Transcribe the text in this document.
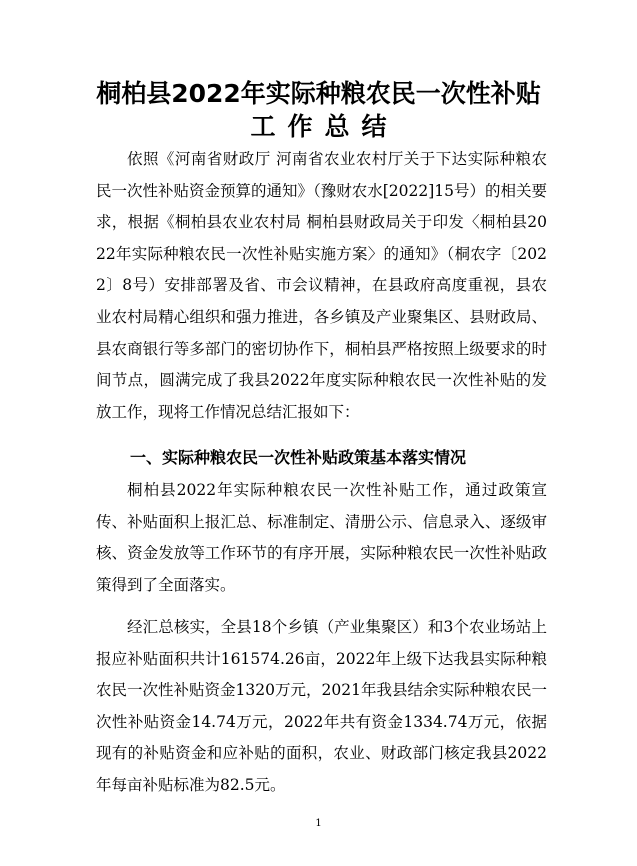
桐柏县2022年实际种粮农民一次性补贴
工作总结

依照《河南省财政厅 河南省农业农村厅关于下达实际种粮农民一次性补贴资金预算的通知》（豫财农水[2022]15号）的相关要求，根据《桐柏县农业农村局 桐柏县财政局关于印发〈桐柏县2022年实际种粮农民一次性补贴实施方案〉的通知》（桐农字〔2022〕8号）安排部署及省、市会议精神，在县政府高度重视，县农业农村局精心组织和强力推进，各乡镇及产业聚集区、县财政局、县农商银行等多部门的密切协作下，桐柏县严格按照上级要求的时间节点，圆满完成了我县2022年度实际种粮农民一次性补贴的发放工作，现将工作情况总结汇报如下：

一、实际种粮农民一次性补贴政策基本落实情况

桐柏县2022年实际种粮农民一次性补贴工作，通过政策宣传、补贴面积上报汇总、标准制定、清册公示、信息录入、逐级审核、资金发放等工作环节的有序开展，实际种粮农民一次性补贴政策得到了全面落实。

经汇总核实，全县18个乡镇（产业集聚区）和3个农业场站上报应补贴面积共计161574.26亩，2022年上级下达我县实际种粮农民一次性补贴资金1320万元，2021年我县结余实际种粮农民一次性补贴资金14.74万元，2022年共有资金1334.74万元，依据现有的补贴资金和应补贴的面积，农业、财政部门核定我县2022年每亩补贴标准为82.5元。

1
